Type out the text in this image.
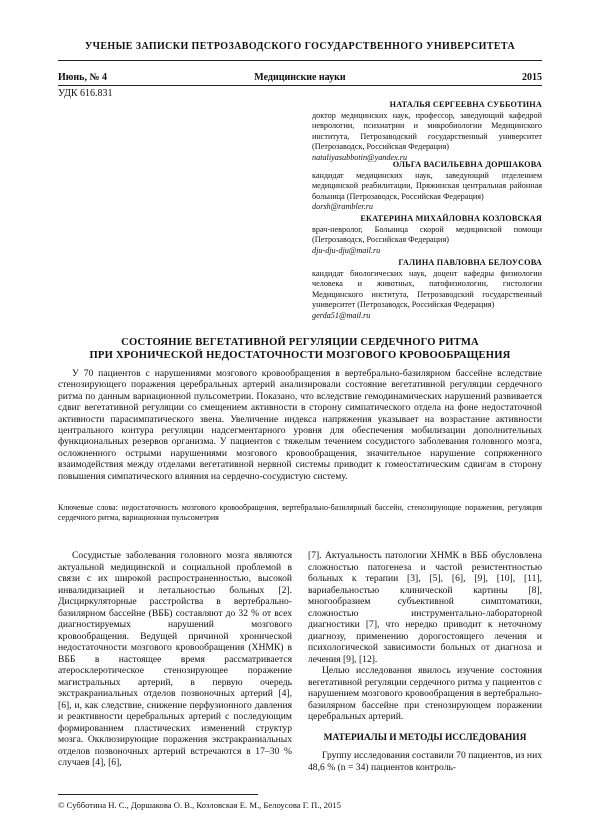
УЧЕНЫЕ ЗАПИСКИ ПЕТРОЗАВОДСКОГО ГОСУДАРСТВЕННОГО УНИВЕРСИТЕТА
Июнь, № 4	Медицинские науки	2015
УДК 616.831
НАТАЛЬЯ СЕРГЕЕВНА СУББОТИНА
доктор медицинских наук, профессор, заведующий кафедрой неврологии, психиатрии и микробиологии Медицинского института, Петрозаводский государственный университет (Петрозаводск, Российская Федерация)
nataliyasubbotin@yandex.ru
ОЛЬГА ВАСИЛЬЕВНА ДОРШАКОВА
кандидат медицинских наук, заведующий отделением медицинской реабилитации, Пряжинская центральная районная больница (Петрозаводск, Российская Федерация)
dorsh@rambler.ru
ЕКАТЕРИНА МИХАЙЛОВНА КОЗЛОВСКАЯ
врач-невролог, Больница скорой медицинской помощи (Петрозаводск, Российская Федерация)
dju-dju-dju@mail.ru
ГАЛИНА ПАВЛОВНА БЕЛОУСОВА
кандидат биологических наук, доцент кафедры физиологии человека и животных, патофизиологии, гистологии Медицинского института, Петрозаводский государственный университет (Петрозаводск, Российская Федерация)
gerda51@mail.ru
СОСТОЯНИЕ ВЕГЕТАТИВНОЙ РЕГУЛЯЦИИ СЕРДЕЧНОГО РИТМА
ПРИ ХРОНИЧЕСКОЙ НЕДОСТАТОЧНОСТИ МОЗГОВОГО КРОВООБРАЩЕНИЯ
У 70 пациентов с нарушениями мозгового кровообращения в вертебрально-базилярном бассейне вследствие стенозирующего поражения церебральных артерий анализировали состояние вегетативной регуляции сердечного ритма по данным вариационной пульсометрии. Показано, что вследствие гемодинамических нарушений развивается сдвиг вегетативной регуляции со смещением активности в сторону симпатического отдела на фоне недостаточной активности парасимпатического звена. Увеличение индекса напряжения указывает на возрастание активности центрального контура регуляции надсегментарного уровня для обеспечения мобилизации дополнительных функциональных резервов организма. У пациентов с тяжелым течением сосудистого заболевания головного мозга, осложненного острыми нарушениями мозгового кровообращения, значительное нарушение сопряженного взаимодействия между отделами вегетативной нервной системы приводит к гомеостатическим сдвигам в сторону повышения симпатического влияния на сердечно-сосудистую систему.
Ключевые слова: недостаточность мозгового кровообращения, вертебрально-базилярный бассейн, стенозирующие поражения, регуляция сердечного ритма, вариационная пульсометрия

Сосудистые заболевания головного мозга являются актуальной медицинской и социальной проблемой в связи с их широкой распространенностью, высокой инвалидизацией и летальностью больных [2]. Дисциркуляторные расстройства в вертебрально-базилярном бассейне (ВББ) составляют до 32 % от всех диагностируемых нарушений мозгового кровообращения. Ведущей причиной хронической недостаточности мозгового кровообращения (ХНМК) в ВББ в настоящее время рассматривается атеросклеротическое стенозирующее поражение магистральных артерий, в первую очередь экстракраниальных отделов позвоночных артерий [4], [6], и, как следствие, снижение перфузионного давления и реактивности церебральных артерий с последующим формированием пластических изменений структур мозга. Окклюзирующие поражения экстракраниальных отделов позвоночных артерий встречаются в 17–30 % случаев [4], [6],

[7]. Актуальность патологии ХНМК в ВББ обусловлена сложностью патогенеза и частой резистентностью больных к терапии [3], [5], [6], [9], [10], [11], вариабельностью клинической картины [8], многообразием субъективной симптоматики, сложностью инструментально-лабораторной диагностики [7], что нередко приводит к неточному диагнозу, применению дорогостоящего лечения и психологической зависимости больных от диагноза и лечения [9], [12].

Целью исследования явилось изучение состояния вегетативной регуляции сердечного ритма у пациентов с нарушением мозгового кровообращения в вертебрально-базилярном бассейне при стенозирующем поражении церебральных артерий.

МАТЕРИАЛЫ И МЕТОДЫ ИССЛЕДОВАНИЯ

Группу исследования составили 70 пациентов, из них 48,6 % (n = 34) пациентов контроль-

© Субботина Н. С., Доршакова О. В., Козловская Е. М., Белоусова Г. П., 2015
